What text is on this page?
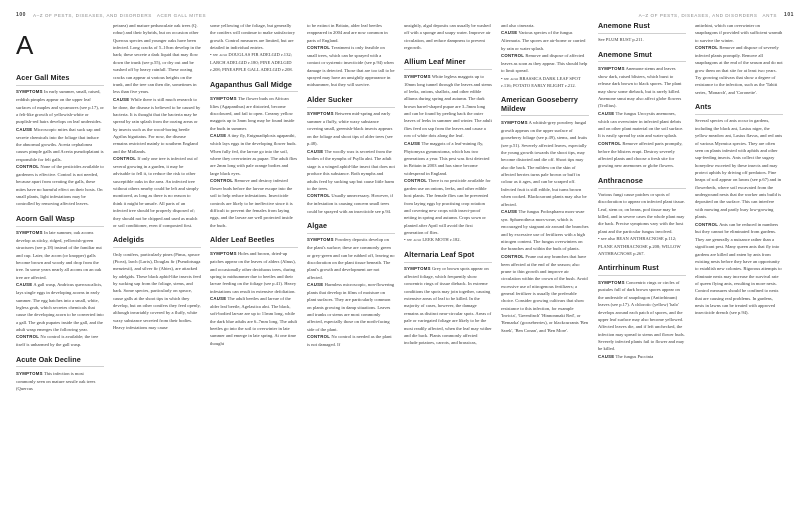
100 A–Z OF PESTS, DISEASES, AND DISORDERS ACER GALL MITES	A–Z OF PESTS, DISEASES, AND DISORDERS ANTS 101
A
Acer Gall Mites

SYMPTOMS In early summer, small, raised, reddish pimples appear on the upper leaf surfaces of maples and sycamores (see p.17), or a felt-like growth of yellowish-white or purplish-red hairs develops on leaf undersides.

CAUSE Microscopic mites that suck sap and secrete chemicals into the foliage that induce the abnormal growths. Aceria cephalonea causes pimple galls and Aceria pseudoplatani is responsible for felt galls.

CONTROL None of the pesticides available to gardeners is effective. Control is not needed, because apart from creating the galls, these mites have no harmful effect on their hosts. On small plants, light infestations may be controlled by removing affected leaves.

Acorn Gall Wasp

SYMPTOMS In late summer, oak acorns develop as sticky, ridged, yellowish-green structures (see p.18) instead of the familiar nut and cup. Later, the acorn (or knopper) galls become brown and woody and drop from the tree. In some years nearly all acorns on an oak tree are affected.

CAUSE A gall wasp, Andricus quercuscalicis, lays single eggs in developing acorns in early summer. The egg hatches into a small, white, legless grub, which secretes chemicals that cause the developing acorn to be converted into a gall. The grub pupates inside the gall, and the adult wasp emerges the following year.

CONTROL No control is available; the tree itself is unharmed by the gall wasp.

Acute Oak Decline

SYMPTOMS This infection is most commonly seen on mature sessile oak trees (Quercus

petraea) and mature pedunculate oak trees (Q. robur) and their hybrids, but on occasion other Quercus species and younger oaks have been infected. Long cracks of 5–10cm develop in the bark; these secrete a dark liquid that may flow down the trunk (see p.55), or dry out and be washed off by heavy rainfall. These oozing cracks can appear at various heights on the trunk, and the tree can then die, sometimes in less than five years.

CAUSE While there is still much research to be done, the disease is believed to be caused by bacteria. It is thought that the bacteria may be spread by rain splash from the oozing areas or by insects such as the wood-boring beetle Agrilus biguttatus. For now, the disease remains restricted mainly to southern England and the Midlands.

CONTROL If only one tree is infected out of several growing in a garden, it may be advisable to fell it, to reduce the risk to other susceptible oaks in the area. An infected tree without others nearby could be left and simply monitored, as long as there is no reason to think it might be unsafe. All parts of an infected tree should be properly disposed of; they should not be chipped and used as mulch or soil conditioner, even if composted first.

Adelgids

Only conifers, particularly pines (Pinus, spruce (Picea), larch (Larix), Douglas fir (Pseudotsuga menziesii), and silver fir (Abies), are attacked by adelgids. These black aphid-like insects feed by sucking sap from the foliage, stems, and bark. Some species, particularly on spruce, cause galls at the shoot tips in which they develop, but on other conifers they feed openly, although invariably covered by a fluffy, white waxy substance secreted from their bodies. Heavy infestations may cause

some yellowing of the foliage, but generally the conifers will continue to make satisfactory growth. Control measures are limited, but are detailed in individual entries.

• see also DOUGLAS FIR ADELGID p.132; LARCH ADELGID p.180; PINE ADELGID p.208; PINEAPPLE GALL ADELGID p.208.

Agapanthus Gall Midge

SYMPTOMS The flower buds on African lilies (Agapanthus) are distorted, become discoloured, and fail to open. Creamy yellow maggots up to 3mm long may be found inside the buds in summer.

CAUSE A tiny fly, Enigmadiplosis agapanthi, which lays eggs in the developing flower buds. When fully fed, the larvae go into the soil, where they overwinter as pupae. The adult flies are 2mm long with pale orange bodies and large black eyes.

CONTROL Remove and destroy infested flower buds before the larvae escape into the soil to help reduce infestations. Insecticide controls are likely to be ineffective since it is difficult to prevent the females from laying eggs, and the larvae are well protected inside the buds.

Alder Leaf Beetles

SYMPTOMS Holes and brown, dried-up patches appear on the leaves of alders (Alnus), and occasionally other deciduous trees, during spring to midsummer due to beetles and their larvae feeding on the foliage (see p.41). Heavy infestations can result in extensive defoliation.

CAUSE The adult beetles and larvae of the alder leaf beetle, Agelastica alni. The black, soft-bodied larvae are up to 11mm long, while the dark blue adults are 6–7mm long. The adult beetles go into the soil to overwinter in late summer and emerge in late spring. At one time thought

to be extinct in Britain, alder leaf beetles reappeared in 2004 and are now common in parts of England.

CONTROL Treatment is only feasible on small trees, which can be sprayed with a contact or systemic insecticide (see p.94) when damage is detected. Those that are too tall to be sprayed may have an unsightly appearance in midsummer, but they will survive.

Alder Sucker

SYMPTOMS Between mid-spring and early summer a fluffy, white waxy substance covering small, greenish-black insects appears on the foliage and shoot tips of alder trees (see p.48).

CAUSE The woolly wax is secreted from the bodies of the nymphs of Psylla alni. The adult stage is a winged aphid-like insect that does not produce this substance. Both nymphs and adults feed by sucking sap but cause little harm to the trees.

CONTROL Usually unnecessary. However, if the infestation is causing concern small trees could be sprayed with an insecticide see p.94.

Algae

SYMPTOMS Powdery deposits develop on the plant's surface; these are commonly green or grey-green and can be rubbed off, leaving no discoloration on the plant tissue beneath. The plant's growth and development are not affected.

CAUSE Harmless microscopic, non-flowering plants that develop in films of moisture on plant surfaces. They are particularly common on plants growing in damp situations. Leaves and trunks or stems are most commonly affected, especially those on the north-facing side of the plant.

CONTROL No control is needed as the plant is not damaged. If

unsightly, algal deposits can usually be washed off with a sponge and soapy water. Improve air circulation, and reduce dampness to prevent regrowth.

Allium Leaf Miner

SYMPTOMS White legless maggots up to 10mm long tunnel through the leaves and stems of leeks, onions, shallots, and other edible alliums during spring and autumn. The dark brown barrel-shaped pupae are 3–5mm long and can be found by peeling back the outer leaves of leeks in summer and winter. The adult flies feed on sap from the leaves and cause a row of white dots along the leaf.

CAUSE The maggots of a leaf-mining fly, Phytomyza gymnostoma, which has two generations a year. This pest was first detected in Britain in 2003 and has since become widespread in England.

CONTROL There is no pesticide available for garden use on onions, leeks, and other edible host plants. The female flies can be prevented from laying eggs by practising crop rotation and covering new crops with insect-proof netting in spring and autumn. Crops sown or planted after April will avoid the first generation of flies.

• see also LEEK MOTH p.182.

Alternaria Leaf Spot

SYMPTOMS Grey or brown spots appear on affected foliage, which frequently show concentric rings of tissue dieback. In extreme conditions the spots may join together, causing extensive areas of leaf to be killed. In the majority of cases, however, the damage remains as distinct near-circular spots. Areas of pale or variegated foliage are likely to be the most readily affected, when the leaf may wither and die back. Plants commonly affected include potatoes, carrots, and brassicas,

and also cineraria.

CAUSE Various species of the fungus Alternaria. The spores are air-borne or carried by rain or water splash.

CONTROL Remove and dispose of affected leaves as soon as they appear. This should help to limit spread.

• see also BRASSICA DARK LEAF SPOT p.116; POTATO EARLY BLIGHT p.212.

American Gooseberry Mildew

SYMPTOMS A whitish-grey powdery fungal growth appears on the upper surface of gooseberry foliage (see p.49), stems, and fruits (see p.51). Severely affected leaves, especially the young growth towards the shoot tips, may become distorted and die off. Shoot tips may also die back. The mildew on the skin of affected berries turns pale brown or buff in colour as it ages, and can be scraped off. Infected fruit is still edible, but turns brown when cooked. Blackcurrant plants may also be affected.

CAUSE The fungus Podosphaera mors-uvae syn. Sphaerotheca mors-uvae, which is encouraged by stagnant air around the branches and by excessive use of fertilizers with a high nitrogen content. The fungus overwinters on the branches and within the buds of plants.

CONTROL Prune out any branches that have been affected at the end of the season; also prune to thin growth and improve air circulation within the crown of the bush. Avoid excessive use of nitrogenous fertilizers; a general fertilizer is usually the preferable choice. Consider growing cultivars that show resistance to this infection, for example 'Invicta', 'Greenfinch' 'Hinnonmaki Red', or 'Remarka' (gooseberries), or blackcurrants 'Ben Sarek', 'Ben Conan', and 'Ben More'.

Anemone Rust

See PLUM RUST p.211.

Anemone Smut

SYMPTOMS Anemone stems and leaves show dark, raised blisters, which burst to release dark brown to black spores. The plant may show some dieback, but is rarely killed. Anemone smut may also affect globe flowers (Trollius).

CAUSE The fungus Urocystis anemones, which can overwinter in infected plant debris and on other plant material on the soil surface. It is easily spread by rain and water splash.

CONTROL Remove affected parts promptly, before the blisters erupt. Destroy severely affected plants and choose a fresh site for growing new anemones or globe flowers.

Anthracnose

Various fungi cause patches or spots of discoloration to appear on infected plant tissue. Leaf, stem or, on beans, pod tissue may be killed, and in severe cases the whole plant may die back. Precise symptoms vary with the host plant and the particular fungus involved.

• see also BEAN ANTHRACNOSE p.112; PLANE ANTHRACNOSE p.208; WILLOW ANTHRACNOSE p.267.

Antirrhinum Rust

SYMPTOMS Concentric rings or circles of pustules full of dark brown spores appear on the underside of snapdragon (Antirrhinum) leaves (see p.17). A chlorotic (yellow) 'halo' develops around each patch of spores, and the upper leaf surface may also become yellowed. Affected leaves die, and if left unchecked, the infection may spread to stems and flower buds. Severely infected plants fail to flower and may be killed.

CAUSE The fungus Puccinia

antirrhini, which can overwinter on snapdragons if provided with sufficient warmth to survive the winter.

CONTROL Remove and dispose of severely infected plants promptly. Remove all snapdragons at the end of the season and do not grow them on that site for at least two years. Try growing cultivars that show a degree of resistance to the infection, such as the 'Tahiti series, 'Monarch', and 'Coronette'.

Ants

Several species of ants occur in gardens, including the black ant, Lasius niger, the yellow meadow ant, Lasius flavus, and red ants of various Myrmica species. They are often seen on plants infested with aphids and other sap-feeding insects. Ants collect the sugary honeydew excreted by these insects and may protect aphids by driving off predators. Fine heaps of soil appear on lawns (see p.67) and in flowerbeds, where soil excavated from the underground nests that the worker ants build is deposited on the surface. This can interfere with mowing and partly bury low-growing plants.

CONTROL Ants can be reduced in numbers but they cannot be eliminated from gardens. They are generally a nuisance rather than a significant pest. Many queen ants that fly into gardens are killed and eaten by ants from existing nests before they have an opportunity to establish new colonies. Rigorous attempts to eliminate nests may increase the survival rate of queen flying ants, resulting in more nests. Control measures should be confined to nests that are causing real problems. In gardens, nests in lawns can be treated with approved insecticide drench (see p.94).
